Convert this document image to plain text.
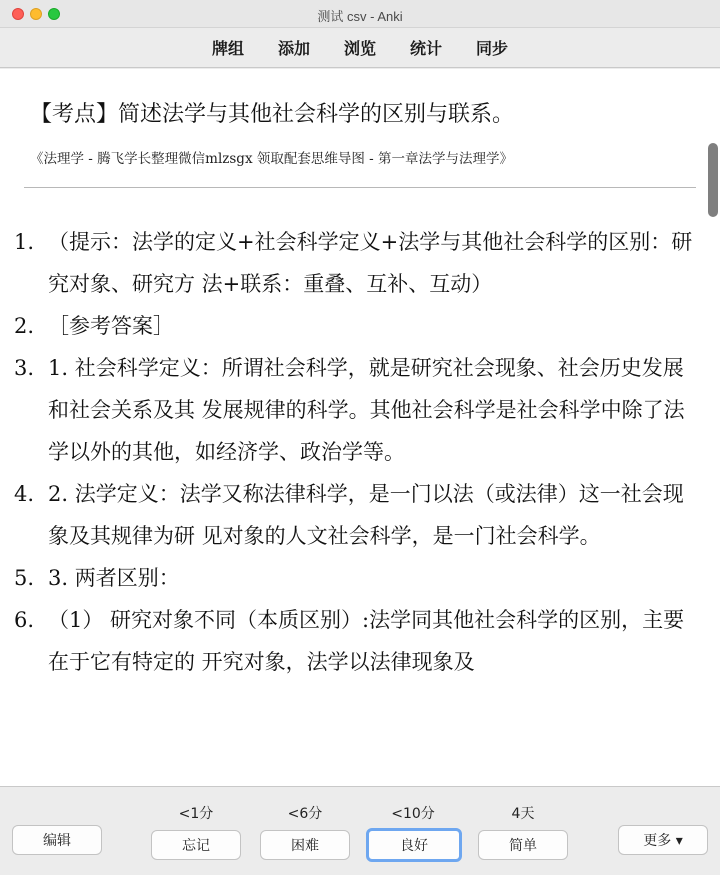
测试 csv - Anki
牌组	添加	浏览	统计	同步
【考点】简述法学与其他社会科学的区别与联系。
《法理学 - 腾飞学长整理微信mlzsgx 领取配套思维导图 - 第一章法学与法理学》
1. （提示：法学的定义+社会科学定义+法学与其他社会科学的区别：研究对象、研究方 法+联系：重叠、互补、互动）
2. ［参考答案］
3. 1. 社会科学定义：所谓社会科学，就是研究社会现象、社会历史发展和社会关系及其 发展规律的科学。其他社会科学是社会科学中除了法学以外的其他，如经济学、政治学等。
4. 2. 法学定义：法学又称法律科学，是一门以法（或法律）这一社会现象及其规律为研 见对象的人文社会科学，是一门社会科学。
5. 3. 两者区别：
6. （1） 研究对象不同（本质区别）:法学同其他社会科学的区别，主要在于它有特定的 开究对象，法学以法律现象及
编辑
<1分
忘记
<6分
困难
<10分
良好
4天
简单	更多 ▾
